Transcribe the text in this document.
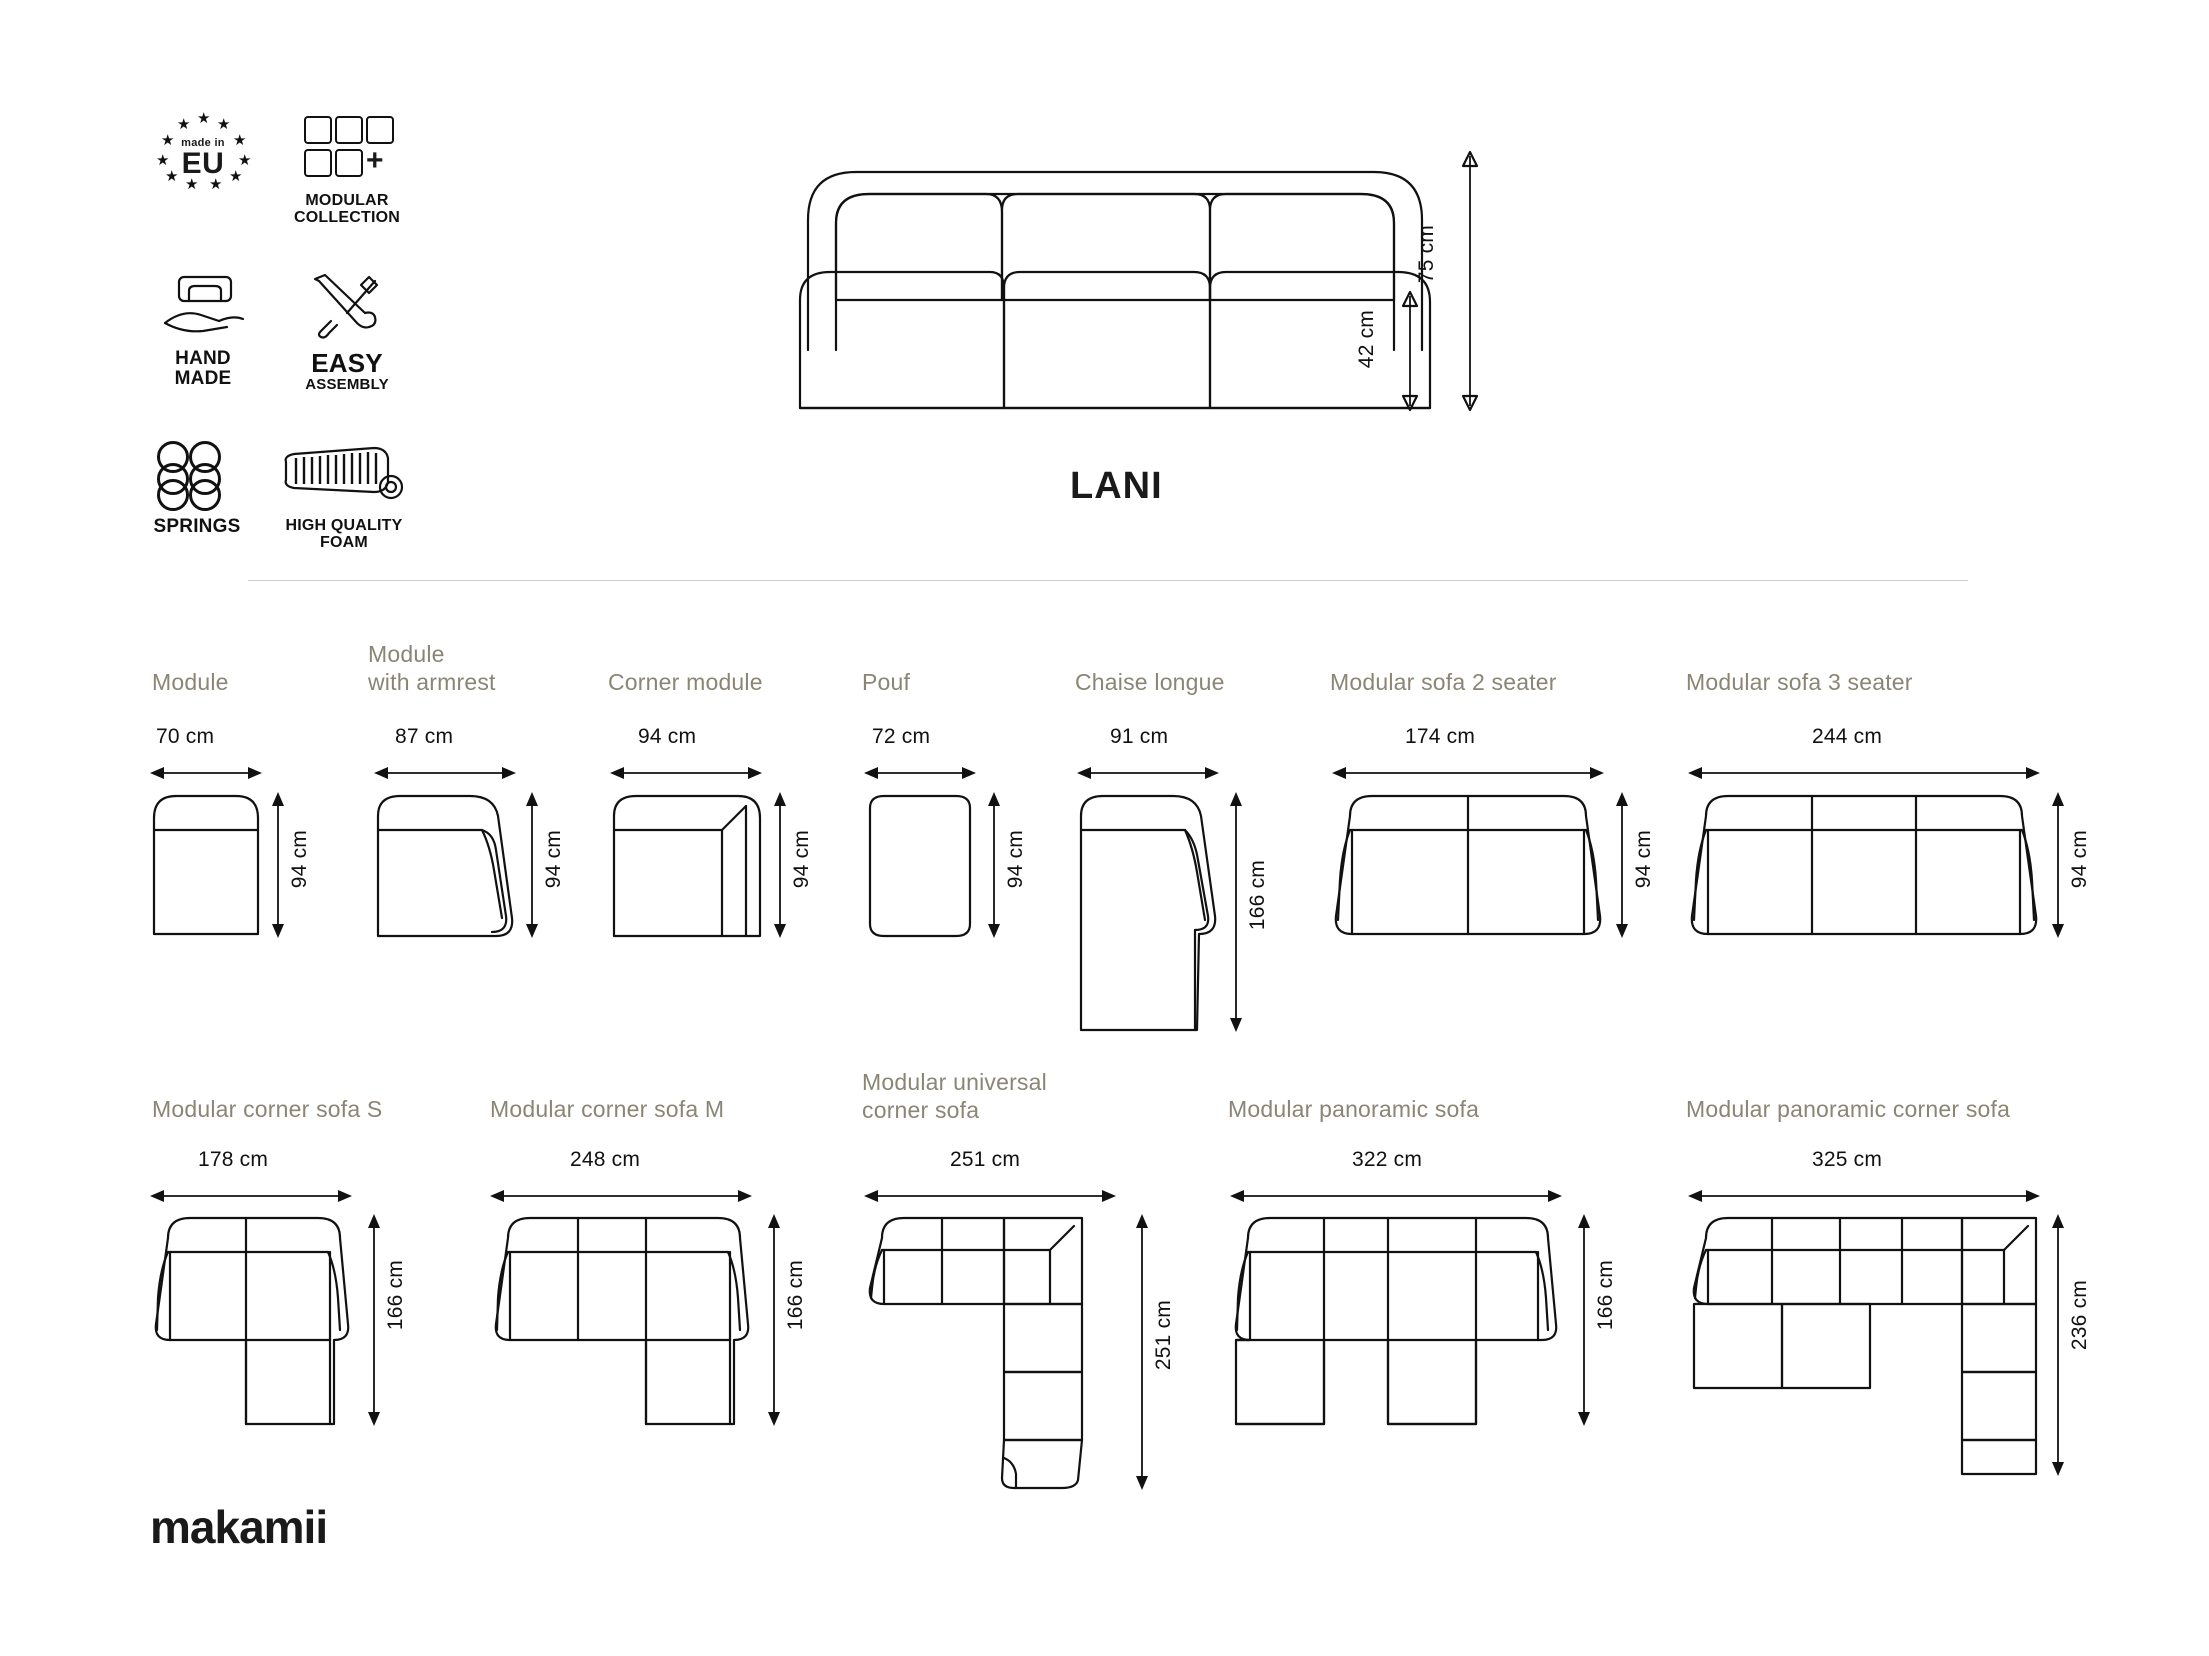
★
★ ★
★	★
★	★
★	★
★ ★
made in
EU	+
MODULAR
COLLECTION
HAND
MADE
EASY
ASSEMBLY
SPRINGS	HIGH QUALITY
FOAM
75 cm
42 cm
LANI
Module
70 cm
94 cm
Module
with armrest
87 cm
94 cm
Corner module
94 cm
94 cm
Pouf
72 cm
94 cm
Chaise longue
91 cm
166 cm
Modular sofa 2 seater
174 cm
94 cm
Modular sofa 3 seater
244 cm
94 cm
Modular corner sofa S
178 cm
166 cm
Modular corner sofa M
248 cm
166 cm
Modular universal
corner sofa
251 cm
251 cm
Modular panoramic sofa
322 cm
166 cm
Modular panoramic corner sofa
325 cm
236 cm
makamii
